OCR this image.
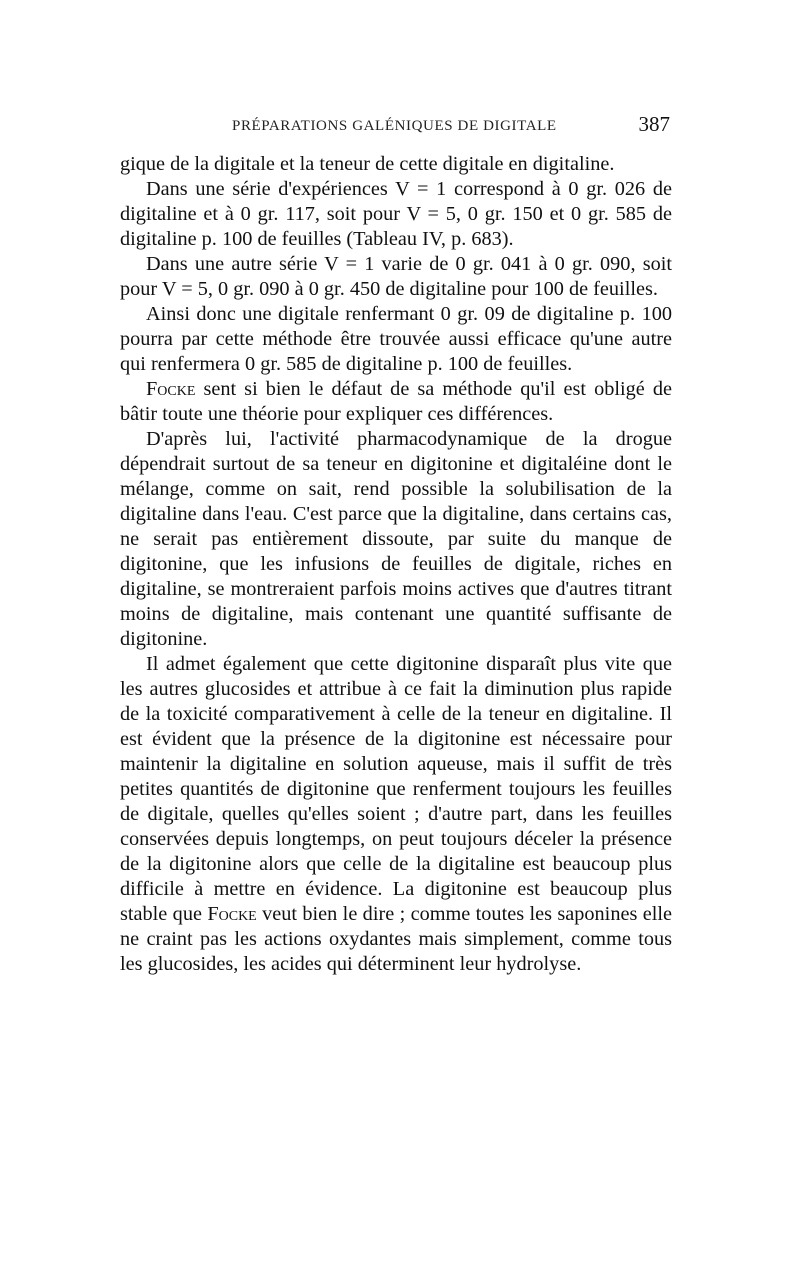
PRÉPARATIONS GALÉNIQUES DE DIGITALE	387

gique de la digitale et la teneur de cette digitale en digitaline.

Dans une série d'expériences V = 1 correspond à 0 gr. 026 de digitaline et à 0 gr. 117, soit pour V = 5, 0 gr. 150 et 0 gr. 585 de digitaline p. 100 de feuilles (Tableau IV, p. 683).

Dans une autre série V = 1 varie de 0 gr. 041 à 0 gr. 090, soit pour V = 5, 0 gr. 090 à 0 gr. 450 de digitaline pour 100 de feuilles.

Ainsi donc une digitale renfermant 0 gr. 09 de digitaline p. 100 pourra par cette méthode être trouvée aussi efficace qu'une autre qui renfermera 0 gr. 585 de digitaline p. 100 de feuilles.

Focke sent si bien le défaut de sa méthode qu'il est obligé de bâtir toute une théorie pour expliquer ces différences.

D'après lui, l'activité pharmacodynamique de la drogue dépendrait surtout de sa teneur en digitonine et digitaléine dont le mélange, comme on sait, rend possible la solubilisation de la digitaline dans l'eau. C'est parce que la digitaline, dans certains cas, ne serait pas entièrement dissoute, par suite du manque de digitonine, que les infusions de feuilles de digitale, riches en digitaline, se montreraient parfois moins actives que d'autres titrant moins de digitaline, mais contenant une quantité suffisante de digitonine.

Il admet également que cette digitonine disparaît plus vite que les autres glucosides et attribue à ce fait la diminution plus rapide de la toxicité comparativement à celle de la teneur en digitaline. Il est évident que la présence de la digitonine est nécessaire pour maintenir la digitaline en solution aqueuse, mais il suffit de très petites quantités de digitonine que renferment toujours les feuilles de digitale, quelles qu'elles soient ; d'autre part, dans les feuilles conservées depuis longtemps, on peut toujours déceler la présence de la digitonine alors que celle de la digitaline est beaucoup plus difficile à mettre en évidence. La digitonine est beaucoup plus stable que Focke veut bien le dire ; comme toutes les saponines elle ne craint pas les actions oxydantes mais simplement, comme tous les glucosides, les acides qui déterminent leur hydrolyse.
